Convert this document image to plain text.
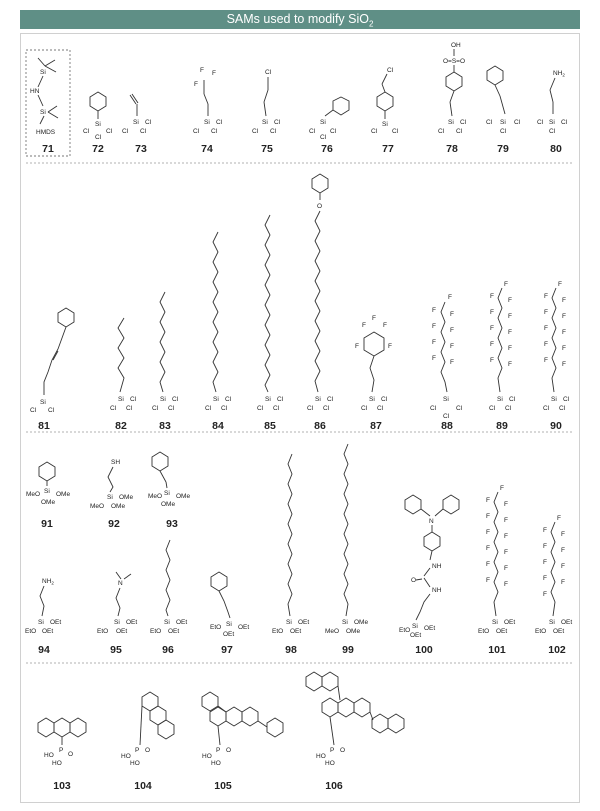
SAMs used to modify SiO$_2$
Si
HN
Si
HMDS
Si
Cl	Cl
Cl
Si Cl
Cl Cl
F F
F
Si Cl
Cl Cl
Cl
Si Cl
Cl Cl
Si
Cl Cl
Cl
Cl
Si
Cl Cl
OH
O=S=O
Si Cl
Cl Cl
Si
Cl	Cl
Cl
$NH_2$
Si
Cl	Cl
Cl
Si
Cl Cl
Si Cl
Cl Cl
Si Cl
Cl Cl
Si Cl
Cl Cl
Si Cl
Cl Cl
O
Si Cl
Cl Cl
F	F
F	F
F
Si Cl
Cl Cl
F
F
F
F
F
F
F
F
F
Si
Cl	Cl
Cl
F
F
F
F
F
F
F
F
F
F
F
Si Cl
Cl Cl
F
F
F
F
F
F
F
F
F
F
F
Si Cl
Cl Cl
Si
MeO OMe
OMe
SH
Si OMe
MeO OMe
Si
MeO OMe
OMe
$NH_2$
Si OEt
EtO OEt
N
Si OEt
EtO OEt
Si OEt
EtO OEt
Si
EtO	OEt
OEt
Si OEt
EtO OEt
Si OMe
MeO OMe
N
NH
O
NH
Si
EtO OEt
OEt
F
F
F
F
F
F
F
F
F
F
F
F
F
Si OEt
EtO OEt
F
F
F
F
F
F
F
F
F
F
Si OEt
EtO OEt
P
O
HO
HO
P O
HO
HO
P O
HO
HO
P O
HO
HO
71	72	73	74	75	76	77	78	79	80
81	82	83	84	85	86	87	88	89	90
91	92	93
94	95	96	97	98	99	100	101	102
103	104	105	106
